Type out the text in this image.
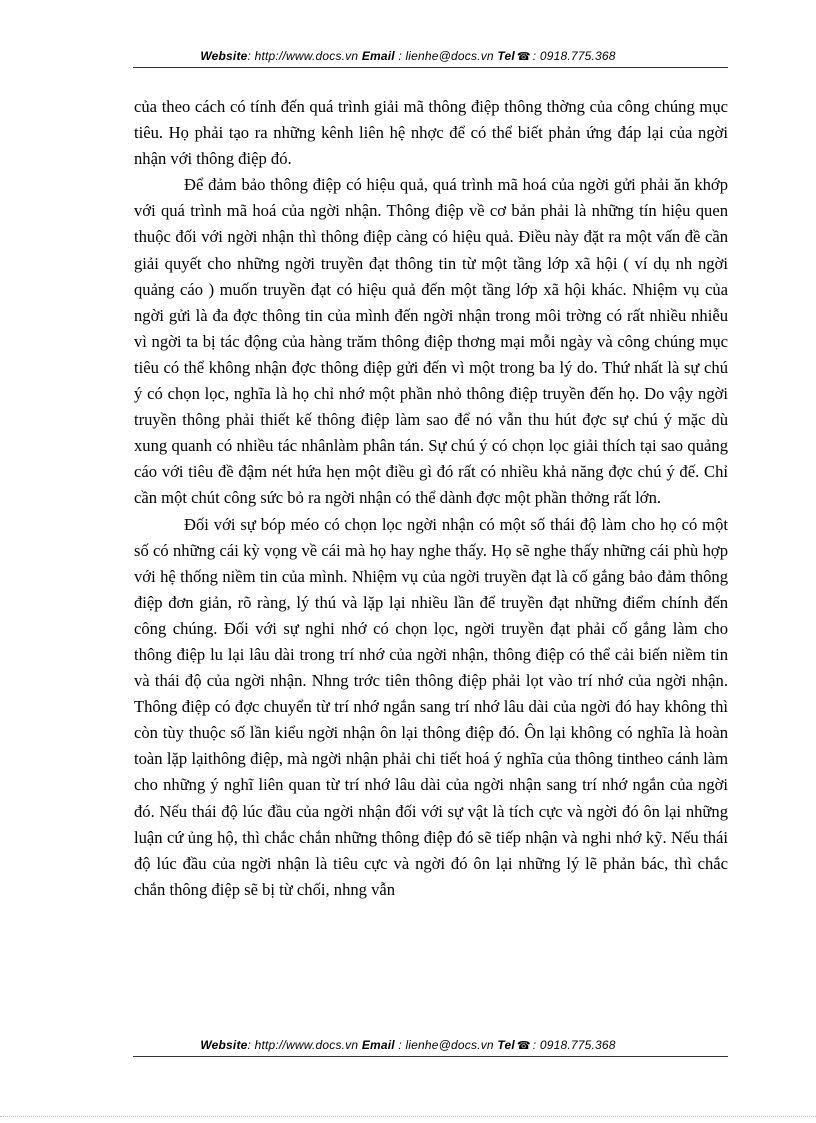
Website: http://www.docs.vn Email : lienhe@docs.vn Tel ☎ : 0918.775.368

của theo cách có tính đến quá trình giải mã thông điệp thông thờng của công chúng mục tiêu. Họ phải tạo ra những kênh liên hệ nhợc để có thể biết phản ứng đáp lại của ngời nhận với thông điệp đó.

Để đảm bảo thông điệp có hiệu quả, quá trình mã hoá của ngời gửi phải ăn khớp với quá trình mã hoá của ngời nhận. Thông điệp về cơ bản phải là những tín hiệu quen thuộc đối với ngời nhận thì thông điệp càng có hiệu quả. Điều này đặt ra một vấn đề cần giải quyết cho những ngời truyền đạt thông tin từ một tầng lớp xã hội ( ví dụ nh ngời quảng cáo ) muốn truyền đạt có hiệu quả đến một tầng lớp xã hội khác. Nhiệm vụ của ngời gửi là đa đợc thông tin của mình đến ngời nhận trong môi trờng có rất nhiều nhiễu vì ngời ta bị tác động của hàng trăm thông điệp thơng mại mỗi ngày và công chúng mục tiêu có thể không nhận đợc thông điệp gửi đến vì một trong ba lý do. Thứ nhất là sự chú ý có chọn lọc, nghĩa là họ chỉ nhớ một phần nhỏ thông điệp truyền đến họ. Do vậy ngời truyền thông phải thiết kế thông điệp làm sao để nó vẫn thu hút đợc sự chú ý mặc dù xung quanh có nhiều tác nhânlàm phân tán. Sự chú ý có chọn lọc giải thích tại sao quảng cáo với tiêu đề đậm nét hứa hẹn một điều gì đó rất có nhiều khả năng đợc chú ý đế. Chỉ cần một chút công sức bỏ ra ngời nhận có thể dành đợc một phần thởng rất lớn.

Đối với sự bóp méo có chọn lọc ngời nhận có một số thái độ làm cho họ có một số có những cái kỳ vọng về cái mà họ hay nghe thấy. Họ sẽ nghe thấy những cái phù hợp với hệ thống niềm tin của mình. Nhiệm vụ của ngời truyền đạt là cố gắng bảo đảm thông điệp đơn giản, rõ ràng, lý thú và lặp lại nhiều lần để truyền đạt những điểm chính đến công chúng. Đối với sự nghi nhớ có chọn lọc, ngời truyền đạt phải cố gắng làm cho thông điệp lu lại lâu dài trong trí nhớ của ngời nhận, thông điệp có thể cải biến niềm tin và thái độ của ngời nhận. Nhng trớc tiên thông điệp phải lọt vào trí nhớ của ngời nhận. Thông điệp có đợc chuyển từ trí nhớ ngắn sang trí nhớ lâu dài của ngời đó hay không thì còn tùy thuộc số lần kiểu ngời nhận ôn lại thông điệp đó. Ôn lại không có nghĩa là hoàn toàn lặp lạithông điệp, mà ngời nhận phải chi tiết hoá ý nghĩa của thông tintheo cánh làm cho những ý nghĩ liên quan từ trí nhớ lâu dài của ngời nhận sang trí nhớ ngắn của ngời đó. Nếu thái độ lúc đầu của ngời nhận đối với sự vật là tích cực và ngời đó ôn lại những luận cứ ủng hộ, thì chắc chắn những thông điệp đó sẽ tiếp nhận và nghi nhớ kỹ. Nếu thái độ lúc đầu của ngời nhận là tiêu cực và ngời đó ôn lại những lý lẽ phản bác, thì chắc chắn thông điệp sẽ bị từ chối, nhng vẫn

Website: http://www.docs.vn Email : lienhe@docs.vn Tel ☎ : 0918.775.368
